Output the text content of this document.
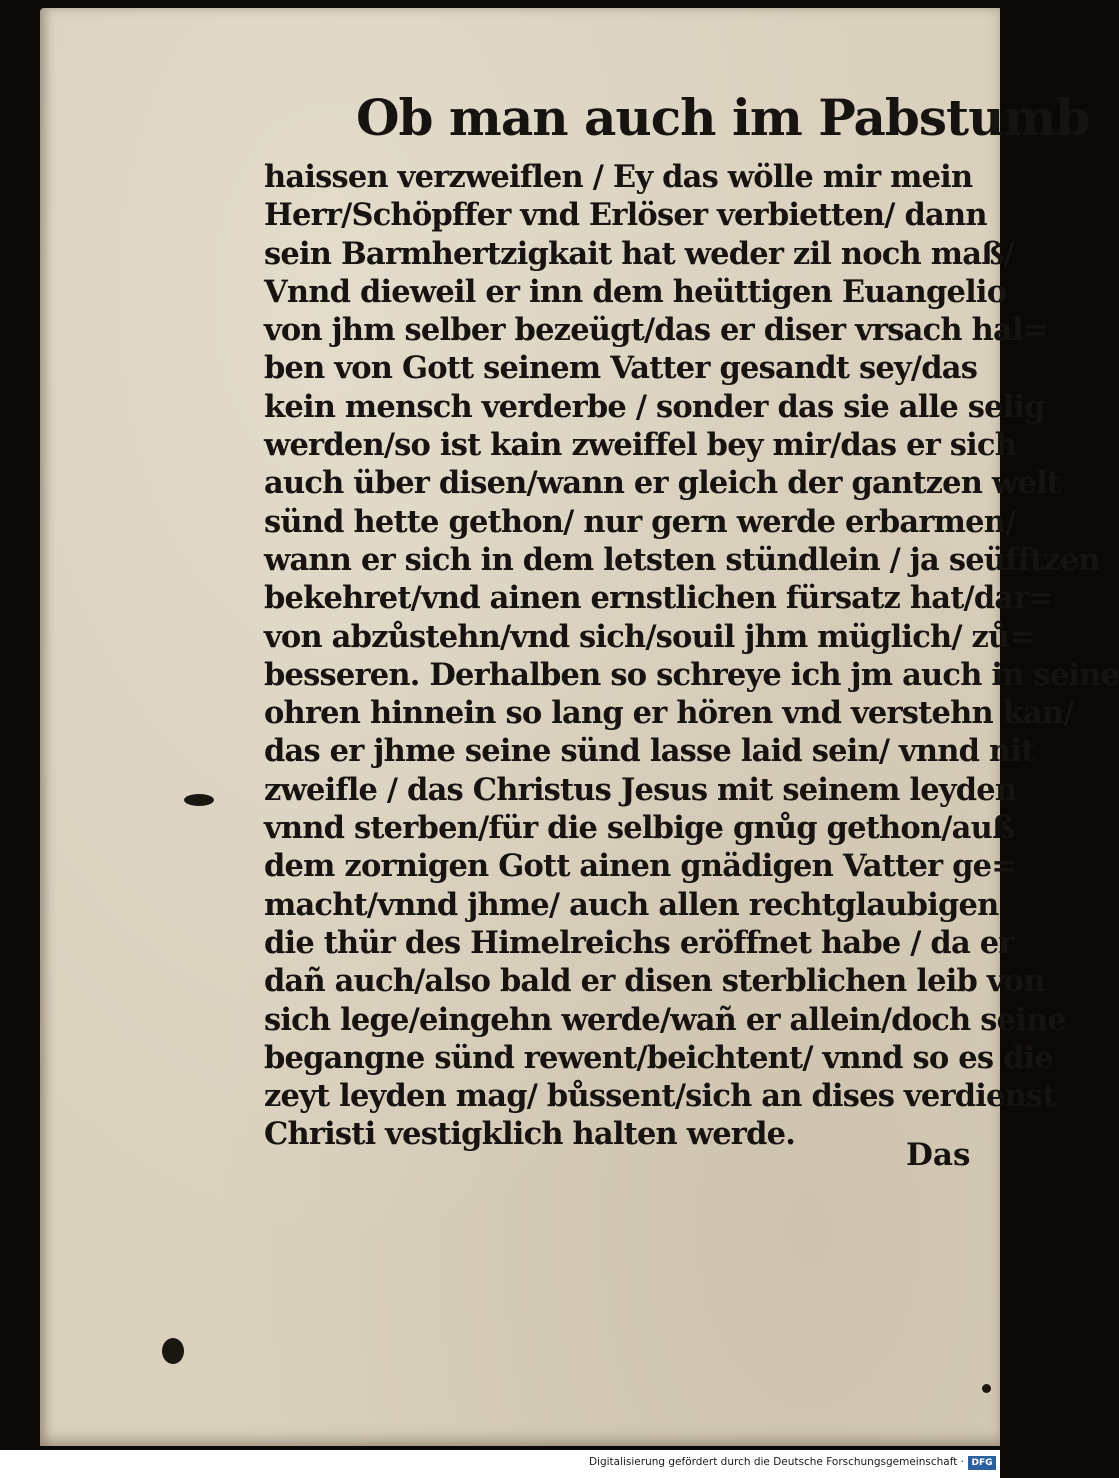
Ob man auch im Pabstumb
haissen verzweiflen / Ey das wölle mir mein
Herr/Schöpffer vnd Erlöser verbietten/ dann
sein Barmhertzigkait hat weder zil noch maß/
Vnnd dieweil er inn dem heüttigen Euangelio
von jhm selber bezeügt/das er diser vrsach hal=
ben von Gott seinem Vatter gesandt sey/das
kein mensch verderbe / sonder das sie alle selig
werden/so ist kain zweiffel bey mir/das er sich
auch über disen/wann er gleich der gantzen welt
sünd hette gethon/ nur gern werde erbarmen/
wann er sich in dem letsten stündlein / ja seüfftzen
bekehret/vnd ainen ernstlichen fürsatz hat/dar=
von abzůstehn/vnd sich/souil jhm müglich/ zů=
besseren. Derhalben so schreye ich jm auch in seine
ohren hinnein so lang er hören vnd verstehn kan/
das er jhme seine sünd lasse laid sein/ vnnd nit
zweifle / das Christus Jesus mit seinem leyden
vnnd sterben/für die selbige gnůg gethon/auß
dem zornigen Gott ainen gnädigen Vatter ge=
macht/vnnd jhme/ auch allen rechtglaubigen
die thür des Himelreichs eröffnet habe / da er
dañ auch/also bald er disen sterblichen leib von
sich lege/eingehn werde/wañ er allein/doch seine
begangne sünd rewent/beichtent/ vnnd so es die
zeyt leyden mag/ bůssent/sich an dises verdienst
Christi vestigklich halten werde.
Das
Digitalisierung gefördert durch die Deutsche Forschungsgemeinschaft · DFG
